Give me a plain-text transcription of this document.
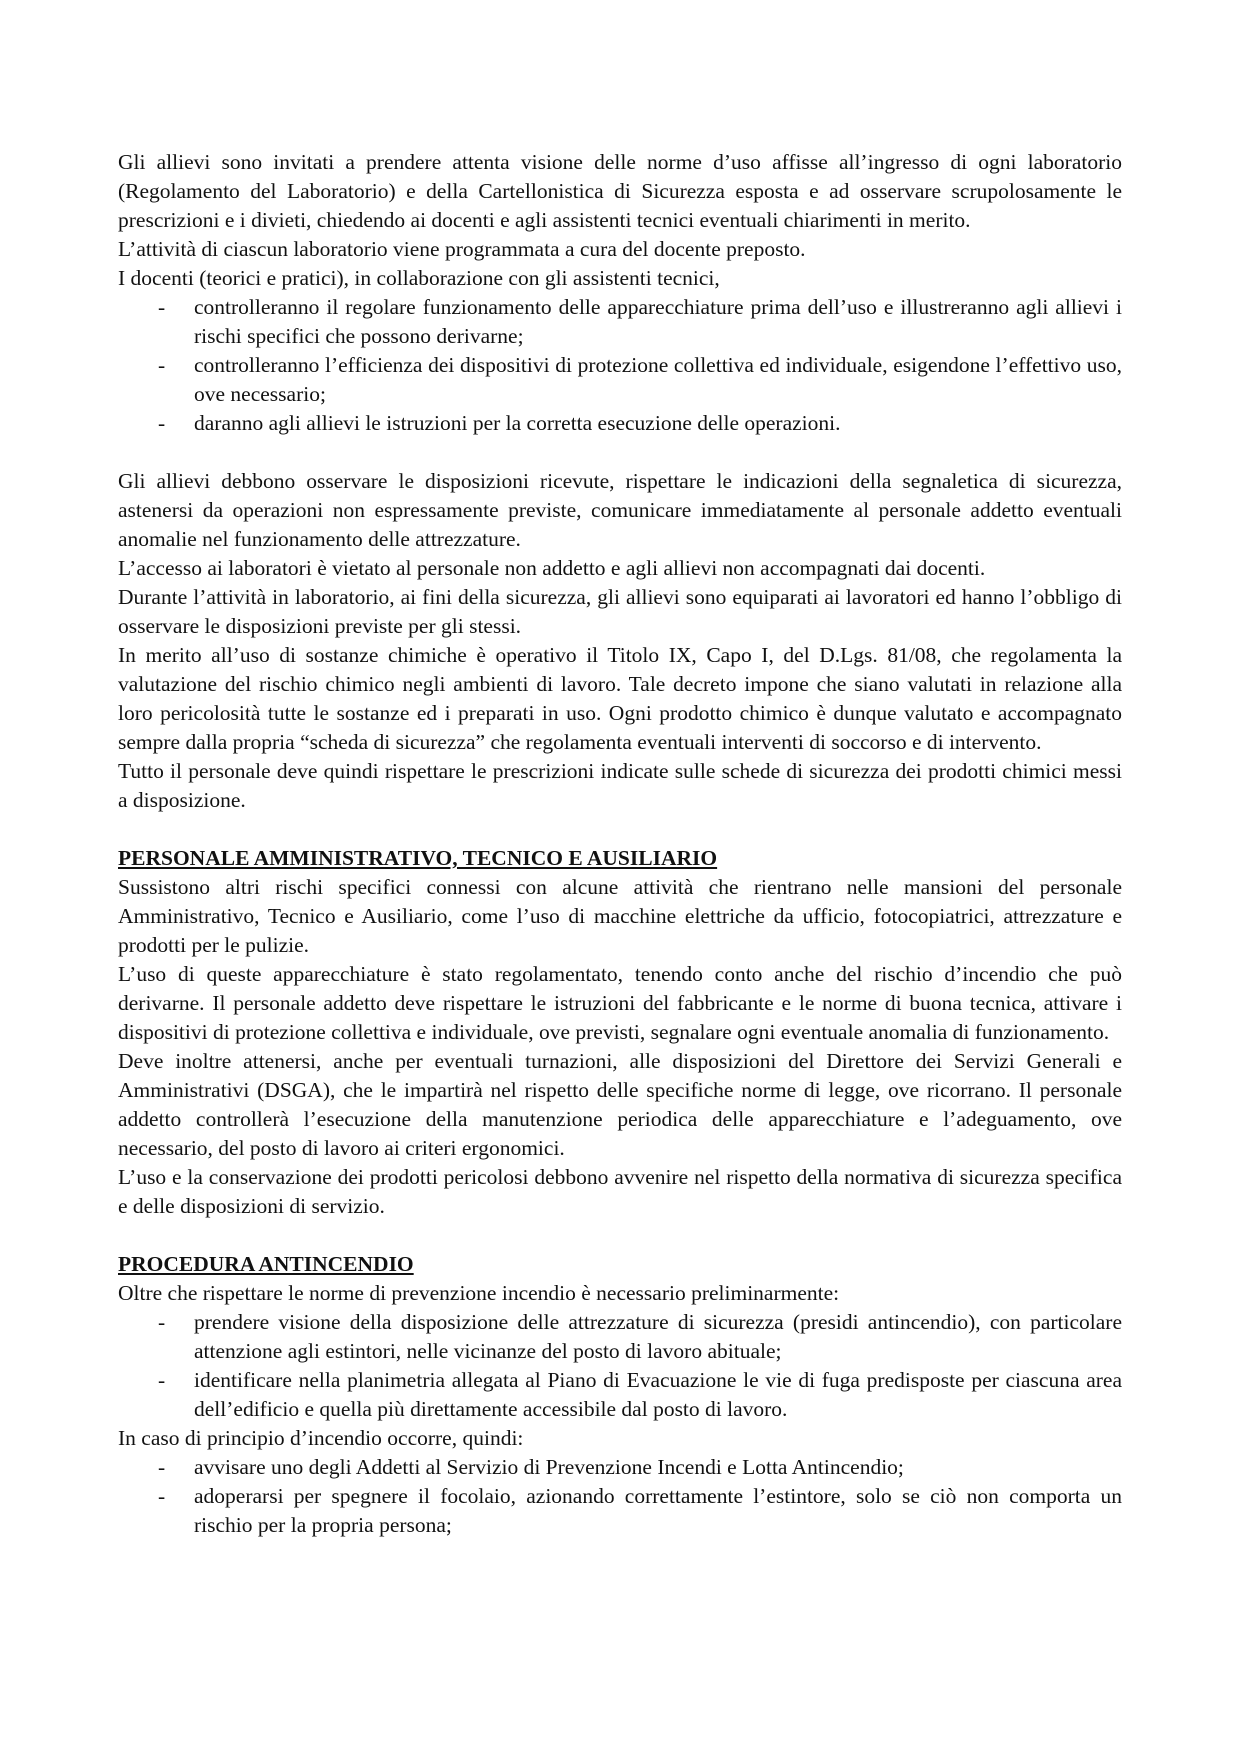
Gli allievi sono invitati a prendere attenta visione delle norme d’uso affisse all’ingresso di ogni laboratorio (Regolamento del Laboratorio) e della Cartellonistica di Sicurezza esposta e ad osservare scrupolosamente le prescrizioni e i divieti, chiedendo ai docenti e agli assistenti tecnici eventuali chiarimenti in merito.

L’attività di ciascun laboratorio viene programmata a cura del docente preposto.

I docenti (teorici e pratici), in collaborazione con gli assistenti tecnici,

- controlleranno il regolare funzionamento delle apparecchiature prima dell’uso e illustreranno agli allievi i rischi specifici che possono derivarne;
- controlleranno l’efficienza dei dispositivi di protezione collettiva ed individuale, esigendone l’effettivo uso, ove necessario;
- daranno agli allievi le istruzioni per la corretta esecuzione delle operazioni.

Gli allievi debbono osservare le disposizioni ricevute, rispettare le indicazioni della segnaletica di sicurezza, astenersi da operazioni non espressamente previste, comunicare immediatamente al personale addetto eventuali anomalie nel funzionamento delle attrezzature.

L’accesso ai laboratori è vietato al personale non addetto e agli allievi non accompagnati dai docenti.

Durante l’attività in laboratorio, ai fini della sicurezza, gli allievi sono equiparati ai lavoratori ed hanno l’obbligo di osservare le disposizioni previste per gli stessi.

In merito all’uso di sostanze chimiche è operativo il Titolo IX, Capo I, del D.Lgs. 81/08, che regolamenta la valutazione del rischio chimico negli ambienti di lavoro. Tale decreto impone che siano valutati in relazione alla loro pericolosità tutte le sostanze ed i preparati in uso. Ogni prodotto chimico è dunque valutato e accompagnato sempre dalla propria “scheda di sicurezza” che regolamenta eventuali interventi di soccorso e di intervento.

Tutto il personale deve quindi rispettare le prescrizioni indicate sulle schede di sicurezza dei prodotti chimici messi a disposizione.

PERSONALE AMMINISTRATIVO, TECNICO E AUSILIARIO

Sussistono altri rischi specifici connessi con alcune attività che rientrano nelle mansioni del personale Amministrativo, Tecnico e Ausiliario, come l’uso di macchine elettriche da ufficio, fotocopiatrici, attrezzature e prodotti per le pulizie.

L’uso di queste apparecchiature è stato regolamentato, tenendo conto anche del rischio d’incendio che può derivarne. Il personale addetto deve rispettare le istruzioni del fabbricante e le norme di buona tecnica, attivare i dispositivi di protezione collettiva e individuale, ove previsti, segnalare ogni eventuale anomalia di funzionamento.

Deve inoltre attenersi, anche per eventuali turnazioni, alle disposizioni del Direttore dei Servizi Generali e Amministrativi (DSGA), che le impartirà nel rispetto delle specifiche norme di legge, ove ricorrano. Il personale addetto controllerà l’esecuzione della manutenzione periodica delle apparecchiature e l’adeguamento, ove necessario, del posto di lavoro ai criteri ergonomici.

L’uso e la conservazione dei prodotti pericolosi debbono avvenire nel rispetto della normativa di sicurezza specifica e delle disposizioni di servizio.

PROCEDURA ANTINCENDIO

Oltre che rispettare le norme di prevenzione incendio è necessario preliminarmente:

- prendere visione della disposizione delle attrezzature di sicurezza (presidi antincendio), con particolare attenzione agli estintori, nelle vicinanze del posto di lavoro abituale;
- identificare nella planimetria allegata al Piano di Evacuazione le vie di fuga predisposte per ciascuna area dell’edificio e quella più direttamente accessibile dal posto di lavoro.

In caso di principio d’incendio occorre, quindi:

- avvisare uno degli Addetti al Servizio di Prevenzione Incendi e Lotta Antincendio;
- adoperarsi per spegnere il focolaio, azionando correttamente l’estintore, solo se ciò non comporta un rischio per la propria persona;
